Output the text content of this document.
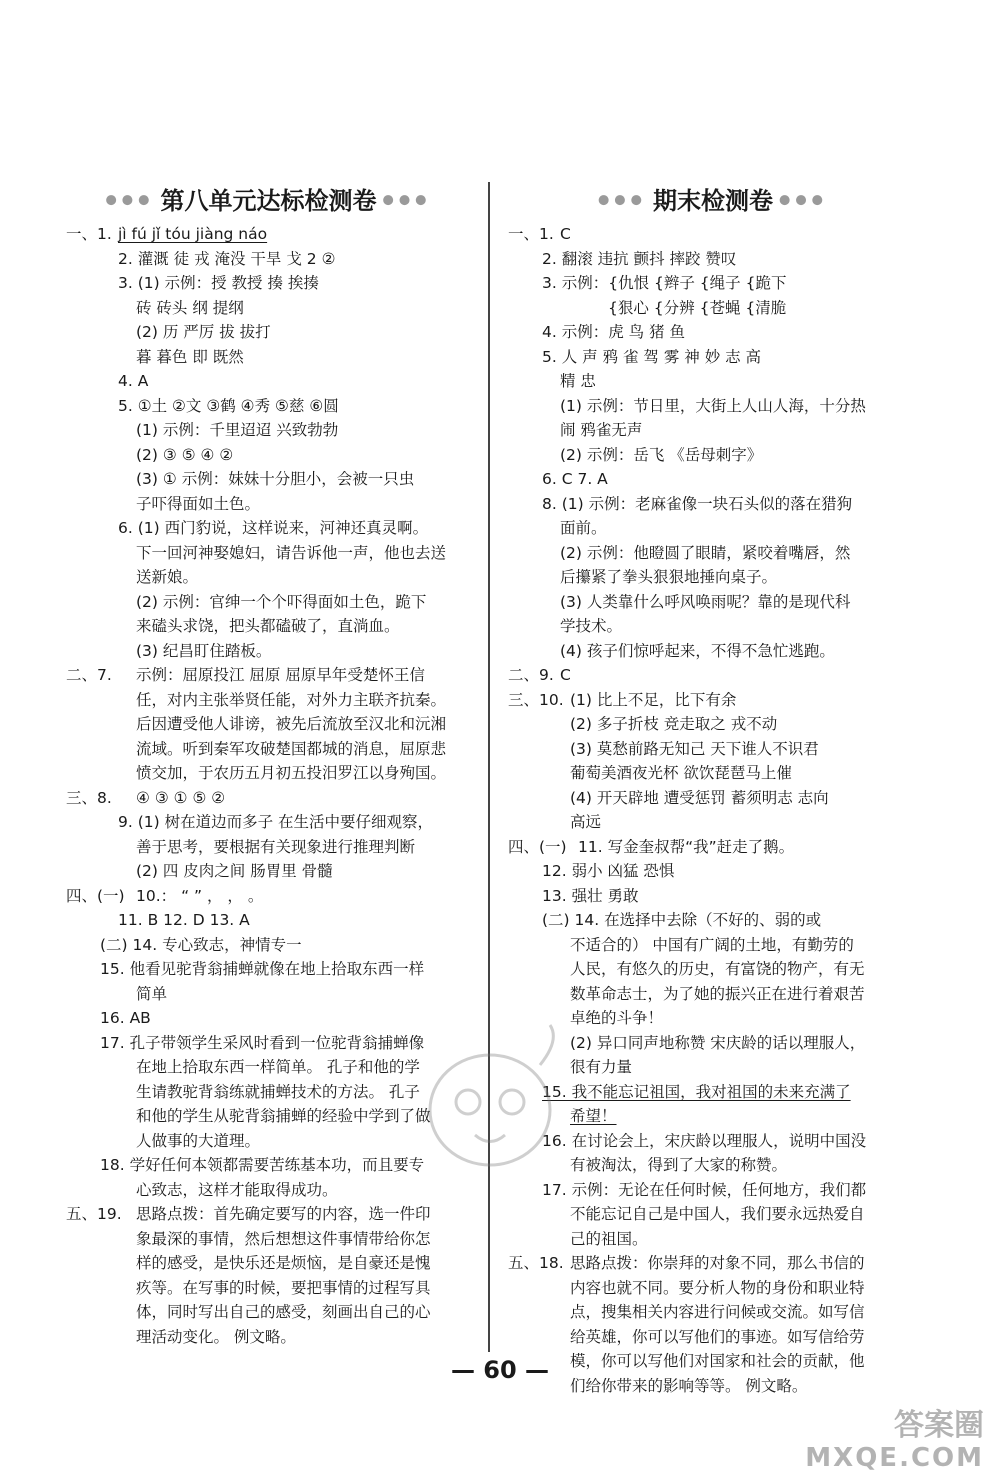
●●● 第八单元达标检测卷 ●●●
一、1. jì fú jǐ tóu jiàng náo
2. 灌溉 徒 戎 淹没 干旱 戈 2 ②
3. (1) 示例：授 教授 揍 挨揍
砖 砖头 纲 提纲
(2) 历 严厉 拔 拔打
暮 暮色 即 既然
4. A
5. ①土 ②文 ③鹤 ④秀 ⑤慈 ⑥圆
(1) 示例：千里迢迢 兴致勃勃
(2) ③ ⑤ ④ ②
(3) ① 示例：妹妹十分胆小，会被一只虫
子吓得面如土色。
6. (1) 西门豹说，这样说来，河神还真灵啊。
下一回河神娶媳妇，请告诉他一声，他也去送
送新娘。
(2) 示例：官绅一个个吓得面如土色，跪下
来磕头求饶，把头都磕破了，直淌血。
(3) 纪昌盯住踏板。
二、7. 示例：屈原投江 屈原 屈原早年受楚怀王信
任，对内主张举贤任能，对外力主联齐抗秦。
后因遭受他人诽谤，被先后流放至汉北和沅湘
流域。听到秦军攻破楚国都城的消息，屈原悲
愤交加，于农历五月初五投汨罗江以身殉国。
三、8. ④ ③ ① ⑤ ②
9. (1) 树在道边而多子 在生活中要仔细观察，
善于思考，要根据有关现象进行推理判断
(2) 四 皮肉之间 肠胃里 骨髓
四、(一) 10.： “ ” ， ， 。
11. B 12. D 13. A
(二) 14. 专心致志，神情专一
15. 他看见驼背翁捕蝉就像在地上拾取东西一样
简单
16. AB
17. 孔子带领学生采风时看到一位驼背翁捕蝉像
在地上拾取东西一样简单。 孔子和他的学
生请教驼背翁练就捕蝉技术的方法。 孔子
和他的学生从驼背翁捕蝉的经验中学到了做
人做事的大道理。
18. 学好任何本领都需要苦练基本功，而且要专
心致志，这样才能取得成功。
五、19. 思路点拨：首先确定要写的内容，选一件印
象最深的事情，然后想想这件事情带给你怎
样的感受，是快乐还是烦恼，是自豪还是愧
疚等。在写事的时候，要把事情的过程写具
体，同时写出自己的感受，刻画出自己的心
理活动变化。 例文略。
●●● 期末检测卷 ●●●
一、1. C
2. 翻滚 违抗 颤抖 摔跤 赞叹
3. 示例：{仇恨 {辫子 {绳子 {跪下
{狠心 {分辨 {苍蝇 {清脆
4. 示例：虎 鸟 猪 鱼
5. 人 声 鸦 雀 驾 雾 神 妙 志 高
精 忠
(1) 示例：节日里，大街上人山人海，十分热
闹 鸦雀无声
(2) 示例：岳飞 《岳母刺字》
6. C 7. A
8. (1) 示例：老麻雀像一块石头似的落在猎狗
面前。
(2) 示例：他瞪圆了眼睛，紧咬着嘴唇，然
后攥紧了拳头狠狠地捶向桌子。
(3) 人类靠什么呼风唤雨呢？靠的是现代科
学技术。
(4) 孩子们惊呼起来，不得不急忙逃跑。
二、9. C
三、10. (1) 比上不足，比下有余
(2) 多子折枝 竞走取之 戎不动
(3) 莫愁前路无知己 天下谁人不识君
葡萄美酒夜光杯 欲饮琵琶马上催
(4) 开天辟地 遭受惩罚 蓄须明志 志向
高远
四、(一) 11. 写金奎叔帮“我”赶走了鹅。
12. 弱小 凶猛 恐惧
13. 强壮 勇敢
(二) 14. 在选择中去除（不好的、弱的或
不适合的） 中国有广阔的土地，有勤劳的
人民，有悠久的历史，有富饶的物产，有无
数革命志士，为了她的振兴正在进行着艰苦
卓绝的斗争！
(2) 异口同声地称赞 宋庆龄的话以理服人，
很有力量
15. 我不能忘记祖国，我对祖国的未来充满了
希望！
16. 在讨论会上，宋庆龄以理服人，说明中国没
有被淘汰，得到了大家的称赞。
17. 示例：无论在任何时候，任何地方，我们都
不能忘记自己是中国人，我们要永远热爱自
己的祖国。
五、18. 思路点拨：你崇拜的对象不同，那么书信的
内容也就不同。要分析人物的身份和职业特
点，搜集相关内容进行问候或交流。如写信
给英雄，你可以写他们的事迹。如写信给劳
模，你可以写他们对国家和社会的贡献，他
们给你带来的影响等等。 例文略。
— 60 —
答案圈
MXQE.COM
